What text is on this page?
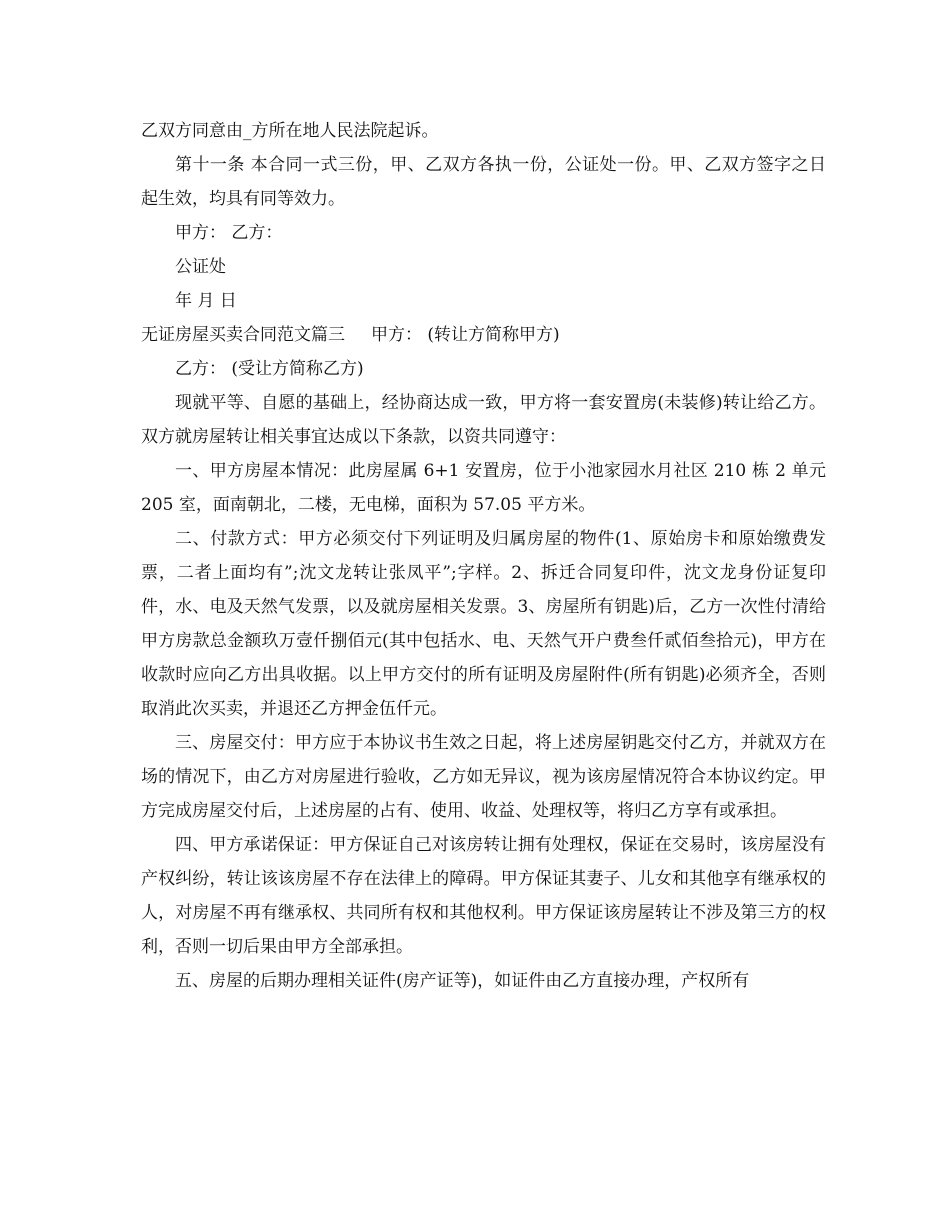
乙双方同意由_方所在地人民法院起诉。

第十一条 本合同一式三份，甲、乙双方各执一份，公证处一份。甲、乙双方签字之日起生效，均具有同等效力。

甲方： 乙方：

公证处

年 月 日

无证房屋买卖合同范文篇三 甲方： (转让方简称甲方)

乙方： (受让方简称乙方)

现就平等、自愿的基础上，经协商达成一致，甲方将一套安置房(未装修)转让给乙方。双方就房屋转让相关事宜达成以下条款，以资共同遵守：

一、甲方房屋本情况：此房屋属 6+1 安置房，位于小池家园水月社区 210 栋 2 单元 205 室，面南朝北，二楼，无电梯，面积为 57.05 平方米。

二、付款方式：甲方必须交付下列证明及归属房屋的物件(1、原始房卡和原始缴费发票，二者上面均有”;沈文龙转让张凤平”;字样。2、拆迁合同复印件，沈文龙身份证复印件，水、电及天然气发票，以及就房屋相关发票。3、房屋所有钥匙)后，乙方一次性付清给甲方房款总金额玖万壹仟捌佰元(其中包括水、电、天然气开户费叁仟贰佰叁拾元)，甲方在收款时应向乙方出具收据。以上甲方交付的所有证明及房屋附件(所有钥匙)必须齐全，否则取消此次买卖，并退还乙方押金伍仟元。

三、房屋交付：甲方应于本协议书生效之日起，将上述房屋钥匙交付乙方，并就双方在场的情况下，由乙方对房屋进行验收，乙方如无异议，视为该房屋情况符合本协议约定。甲方完成房屋交付后，上述房屋的占有、使用、收益、处理权等，将归乙方享有或承担。

四、甲方承诺保证：甲方保证自己对该房转让拥有处理权，保证在交易时，该房屋没有产权纠纷，转让该该房屋不存在法律上的障碍。甲方保证其妻子、儿女和其他享有继承权的人，对房屋不再有继承权、共同所有权和其他权利。甲方保证该房屋转让不涉及第三方的权利，否则一切后果由甲方全部承担。

五、房屋的后期办理相关证件(房产证等)，如证件由乙方直接办理，产权所有
